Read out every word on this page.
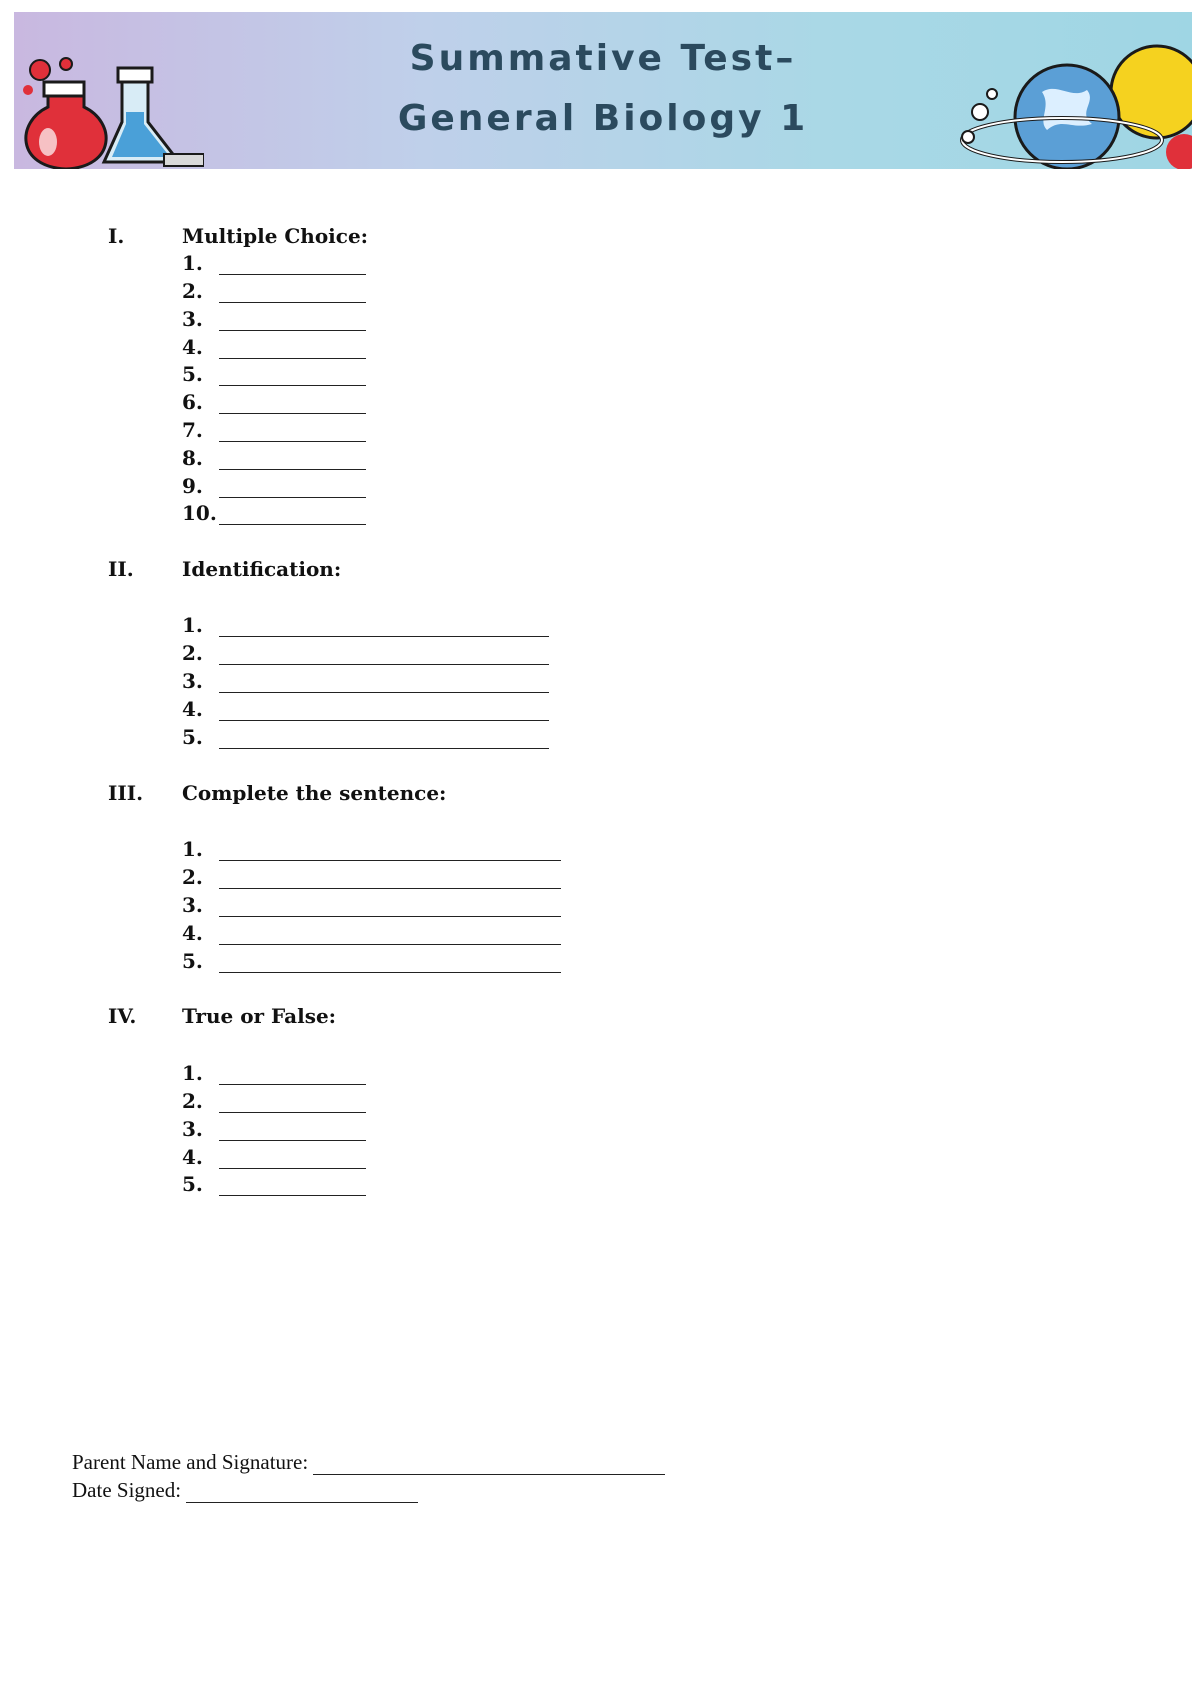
Summative Test–
General Biology 1
I.	Multiple Choice:
1.
2.
3.
4.
5.
6.
7.
8.
9.
10.
II. Identification:
1.
2.
3.
4.
5.
III. Complete the sentence:
1.
2.
3.
4.
5.
IV. True or False:
1.
2.
3.
4.
5.
Parent Name and Signature:
Date Signed:
